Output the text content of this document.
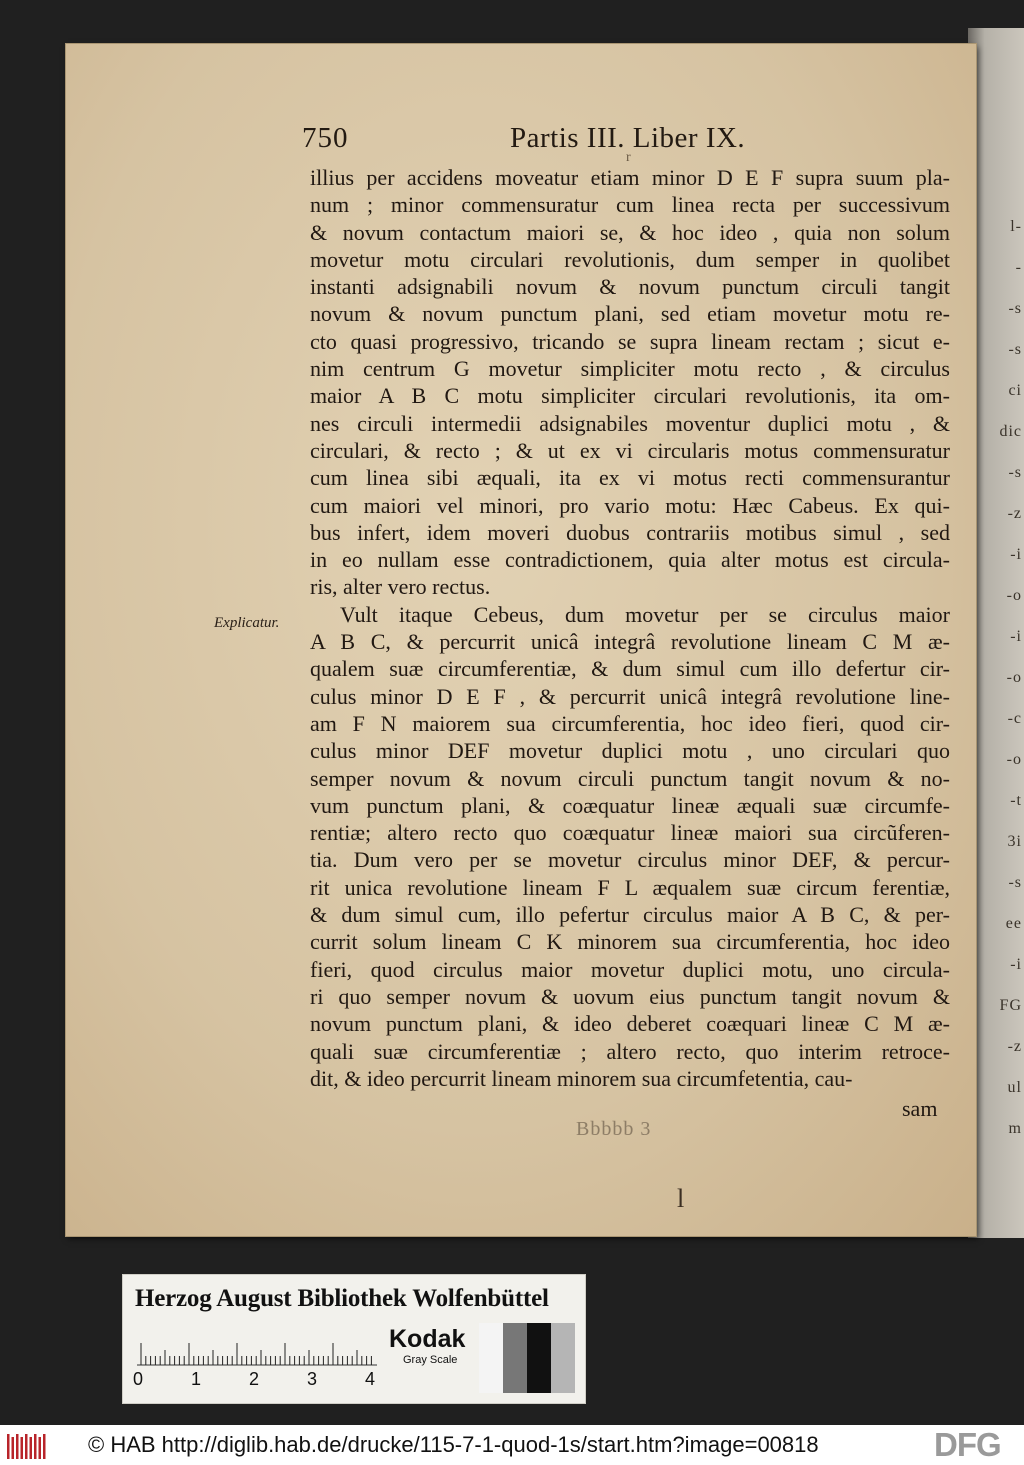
l-
-
-s
-s
ci
dic
-s
-z
-i
-o
-i
-o
-c
-o
-t
3i
-s
ee
-i
FG
-z
ul
m
750	Partis III. Liber IX.
r
Explicatur.
illius per accidens moveatur etiam minor D E F supra suum pla-
num ; minor commensuratur cum linea recta per successivum
& novum contactum maiori se, & hoc ideo , quia non solum
movetur motu circulari revolutionis, dum semper in quolibet
instanti adsignabili novum & novum punctum circuli tangit
novum & novum punctum plani, sed etiam movetur motu re-
cto quasi progressivo, tricando se supra lineam rectam ; sicut e-
nim centrum G movetur simpliciter motu recto , & circulus
maior A B C motu simpliciter circulari revolutionis, ita om-
nes circuli intermedii adsignabiles moventur duplici motu , &
circulari, & recto ; & ut ex vi circularis motus commensuratur
cum linea sibi æquali, ita ex vi motus recti commensurantur
cum maiori vel minori, pro vario motu: Hæc Cabeus. Ex qui-
bus infert, idem moveri duobus contrariis motibus simul , sed
in eo nullam esse contradictionem, quia alter motus est circula-
ris, alter vero rectus.
Vult itaque Cebeus, dum movetur per se circulus maior
A B C, & percurrit unicâ integrâ revolutione lineam C M æ-
qualem suæ circumferentiæ, & dum simul cum illo defertur cir-
culus minor D E F , & percurrit unicâ integrâ revolutione line-
am F N maiorem sua circumferentia, hoc ideo fieri, quod cir-
culus minor DEF movetur duplici motu , uno circulari quo
semper novum & novum circuli punctum tangit novum & no-
vum punctum plani, & coæquatur lineæ æquali suæ circumfe-
rentiæ; altero recto quo coæquatur lineæ maiori sua circũferen-
tia. Dum vero per se movetur circulus minor DEF, & percur-
rit unica revolutione lineam F L æqualem suæ circum ferentiæ,
& dum simul cum, illo pefertur circulus maior A B C, & per-
currit solum lineam C K minorem sua circumferentia, hoc ideo
fieri, quod circulus maior movetur duplici motu, uno circula-
ri quo semper novum & uovum eius punctum tangit novum &
novum punctum plani, & ideo deberet coæquari lineæ C M æ-
quali suæ circumferentiæ ; altero recto, quo interim retroce-
dit, & ideo percurrit lineam minorem sua circumfetentia, cau-
sam
Bbbbb 3
l
Herzog August Bibliothek Wolfenbüttel
0	1	2	3	4
Kodak
Gray Scale
© HAB http://diglib.hab.de/drucke/115-7-1-quod-1s/start.htm?image=00818	DFG
